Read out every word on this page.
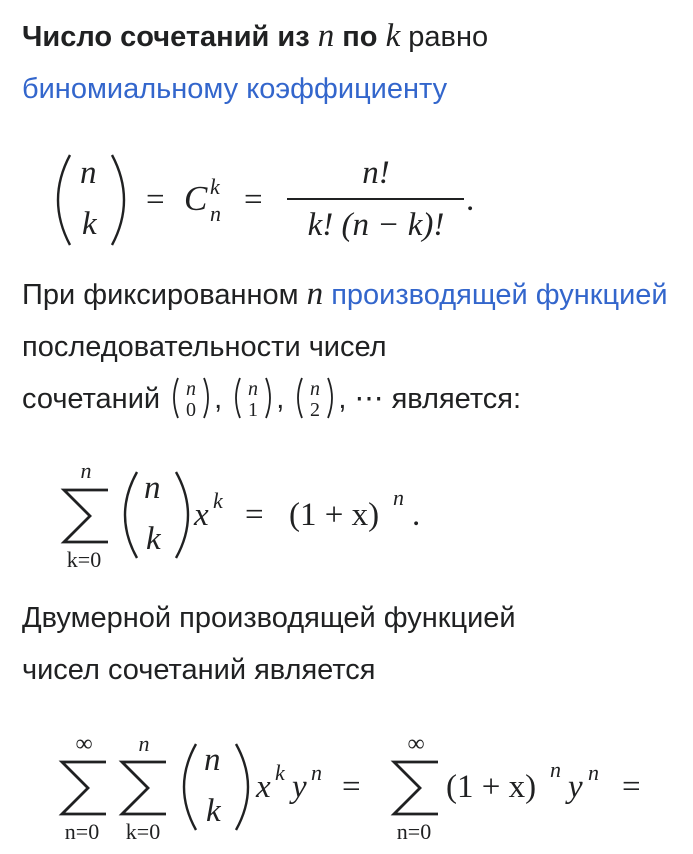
Число сочетаний из n по k равно
биномиальному коэффициенту

n
k
= C k
n =
n!
k! (n − k)!
.

При фиксированном n производящей функцией последовательности чисел
сочетаний n
0 , n
1 , n
2 , ⋯ является:

n
k=0
n
k
x k = (1 + x) n .

Двумерной производящей функцией
чисел сочетаний является

∞
n=0
n
k=0
n
k
x k y n =
∞
n=0
(1 + x) n y n =
